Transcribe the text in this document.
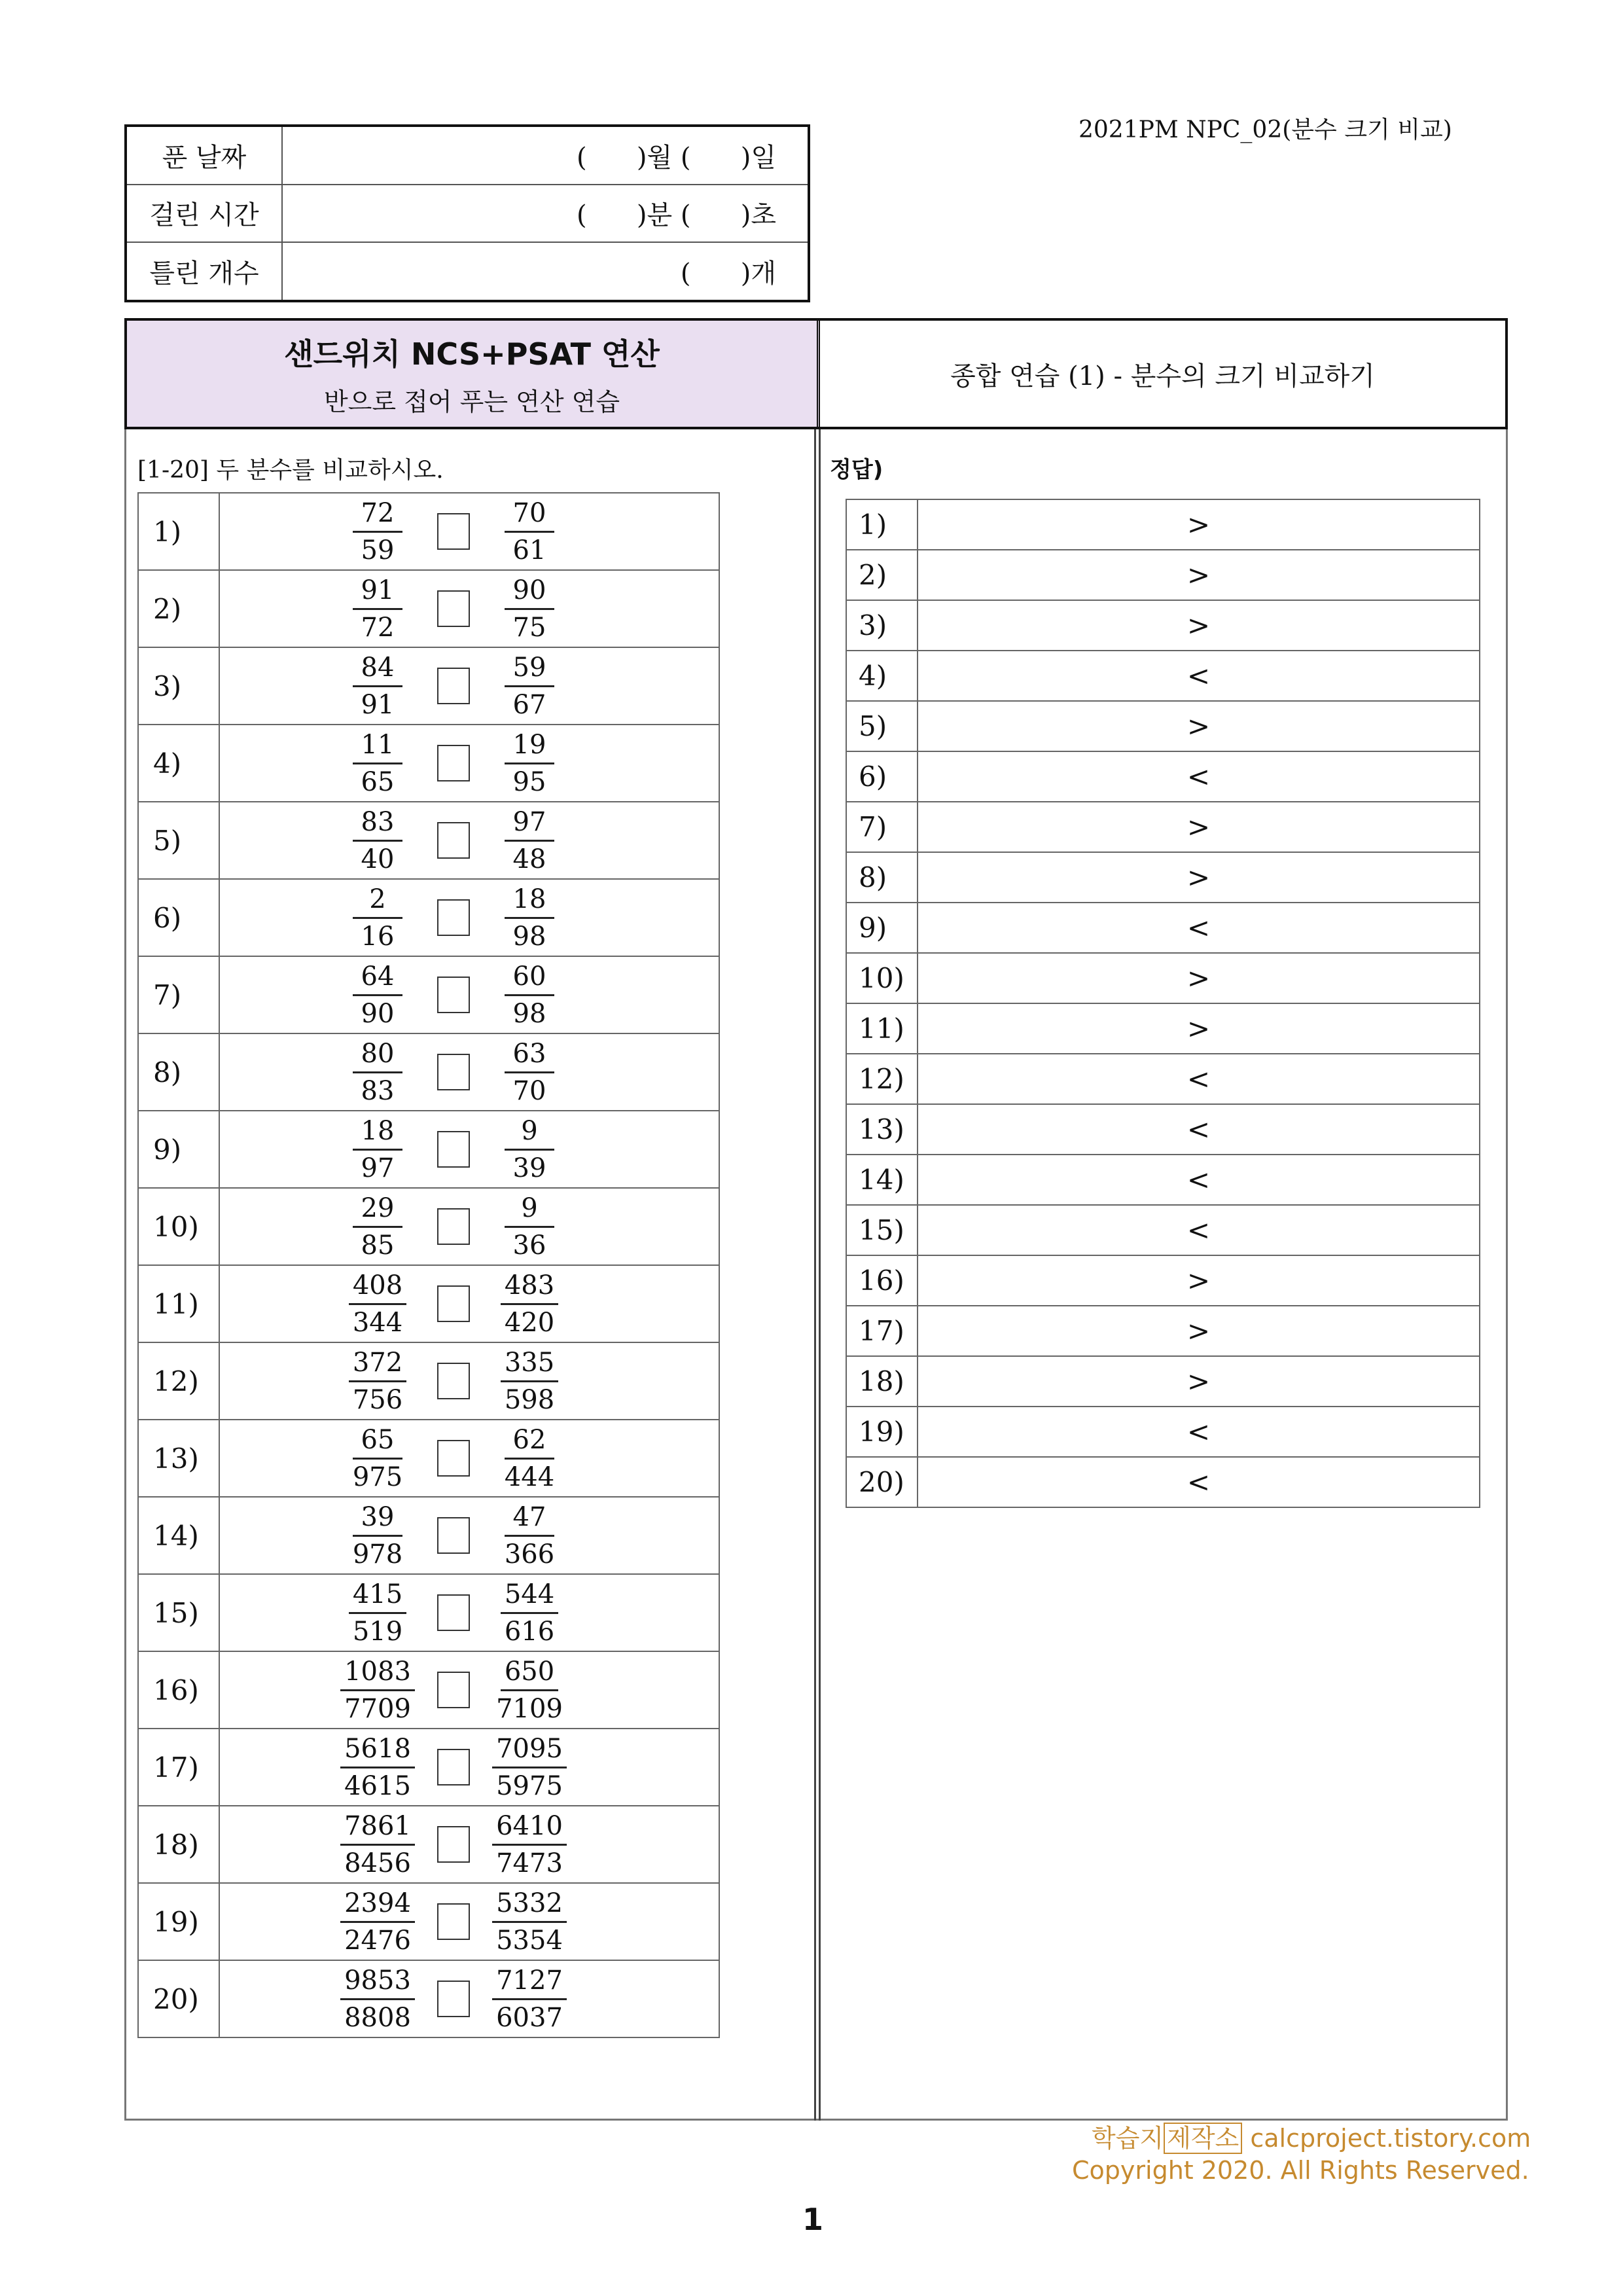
2021PM NPC_02(분수 크기 비교)
푼 날짜	(      )월 (      )일
걸린 시간	(      )분 (      )초
틀린 개수	(      )개
샌드위치 NCS+PSAT 연산
반으로 접어 푸는 연산 연습
종합 연습 (1) - 분수의 크기 비교하기
[1-20] 두 분수를 비교하시오.	정답)
1)	$\frac{72}{59} \frac{70}{61}$

2)	$\frac{91}{72} \frac{90}{75}$

3)	$\frac{84}{91} \frac{59}{67}$

4)	$\frac{11}{65} \frac{19}{95}$

5)	$\frac{83}{40} \frac{97}{48}$

6)	$\frac{2}{16} \frac{18}{98}$

7)	$\frac{64}{90} \frac{60}{98}$

8)	$\frac{80}{83} \frac{63}{70}$

9)	$\frac{18}{97} \frac{9}{39}$

10)	$\frac{29}{85} \frac{9}{36}$

11)	$\frac{408}{344} \frac{483}{420}$

12)	$\frac{372}{756} \frac{335}{598}$

13)	$\frac{65}{975} \frac{62}{444}$

14)	$\frac{39}{978} \frac{47}{366}$

15)	$\frac{415}{519} \frac{544}{616}$

16)	$\frac{1083}{7709} \frac{650}{7109}$

17)	$\frac{5618}{4615} \frac{7095}{5975}$

18)	$\frac{7861}{8456} \frac{6410}{7473}$

19)	$\frac{2394}{2476} \frac{5332}{5354}$

20)	$\frac{9853}{8808} \frac{7127}{6037}$
1)	>
2)	>
3)	>
4)	<
5)	>
6)	<
7)	>
8)	>
9)	<
10)	>
11)	>
12)	<
13)	<
14)	<
15)	<
16)	>
17)	>
18)	>
19)	<
20)	<
학습지 제작소 calcproject.tistory.com
Copyright 2020. All Rights Reserved.
1
